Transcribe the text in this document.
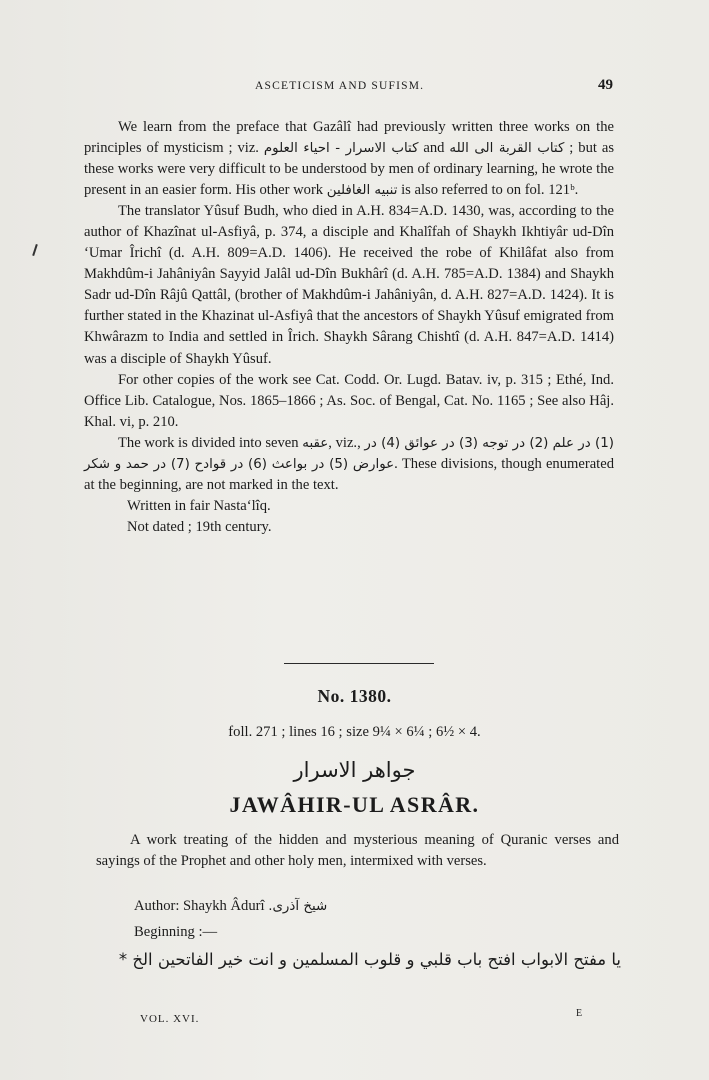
ASCETICISM AND SUFISM.	49

We learn from the preface that Gazâlî had previously written three works on the principles of mysticism ; viz. كتاب الاسرار - احياء العلوم and كتاب القربة الى الله ; but as these works were very difficult to be understood by men of ordinary learning, he wrote the present in an easier form. His other work تنبيه الغافلين is also referred to on fol. 121ᵇ.

The translator Yûsuf Budh, who died in A.H. 834=A.D. 1430, was, according to the author of Khazînat ul-Asfiyâ, p. 374, a disciple and Khalîfah of Shaykh Ikhtiyâr ud-Dîn ‘Umar Îrichî (d. A.H. 809=A.D. 1406). He received the robe of Khilâfat also from Makhdûm-i Jahâniyân Sayyid Jalâl ud-Dîn Bukhârî (d. A.H. 785=A.D. 1384) and Shaykh Sadr ud-Dîn Râjû Qattâl, (brother of Makhdûm-i Jahâniyân, d. A.H. 827=A.D. 1424). It is further stated in the Khazinat ul-Asfiyâ that the ancestors of Shaykh Yûsuf emigrated from Khwârazm to India and settled in Îrich. Shaykh Sârang Chishtî (d. A.H. 847=A.D. 1414) was a disciple of Shaykh Yûsuf.

For other copies of the work see Cat. Codd. Or. Lugd. Batav. iv, p. 315 ; Ethé, Ind. Office Lib. Catalogue, Nos. 1865–1866 ; As. Soc. of Bengal, Cat. No. 1165 ; See also Hâj. Khal. vi, p. 210.

The work is divided into seven عقبه, viz., (1) در علم (2) در توجه (3) در عوائق (4) در عوارض (5) در بواعث (6) در قوادح (7) در حمد و شكر. These divisions, though enumerated at the beginning, are not marked in the text.

Written in fair Nasta‘lîq.

Not dated ; 19th century.

No. 1380.
foll. 271 ; lines 16 ; size 9¼ × 6¼ ; 6½ × 4.
جواهر الاسرار
JAWÂHIR-UL ASRÂR.

A work treating of the hidden and mysterious meaning of Quranic verses and sayings of the Prophet and other holy men, intermixed with verses.

Author: Shaykh Âdurî شيخ آذرى.
Beginning :—
يا مفتح الابواب افتح باب قلبي و قلوب المسلمين و انت خير الفاتحين الخ *
VOL. XVI.	E
